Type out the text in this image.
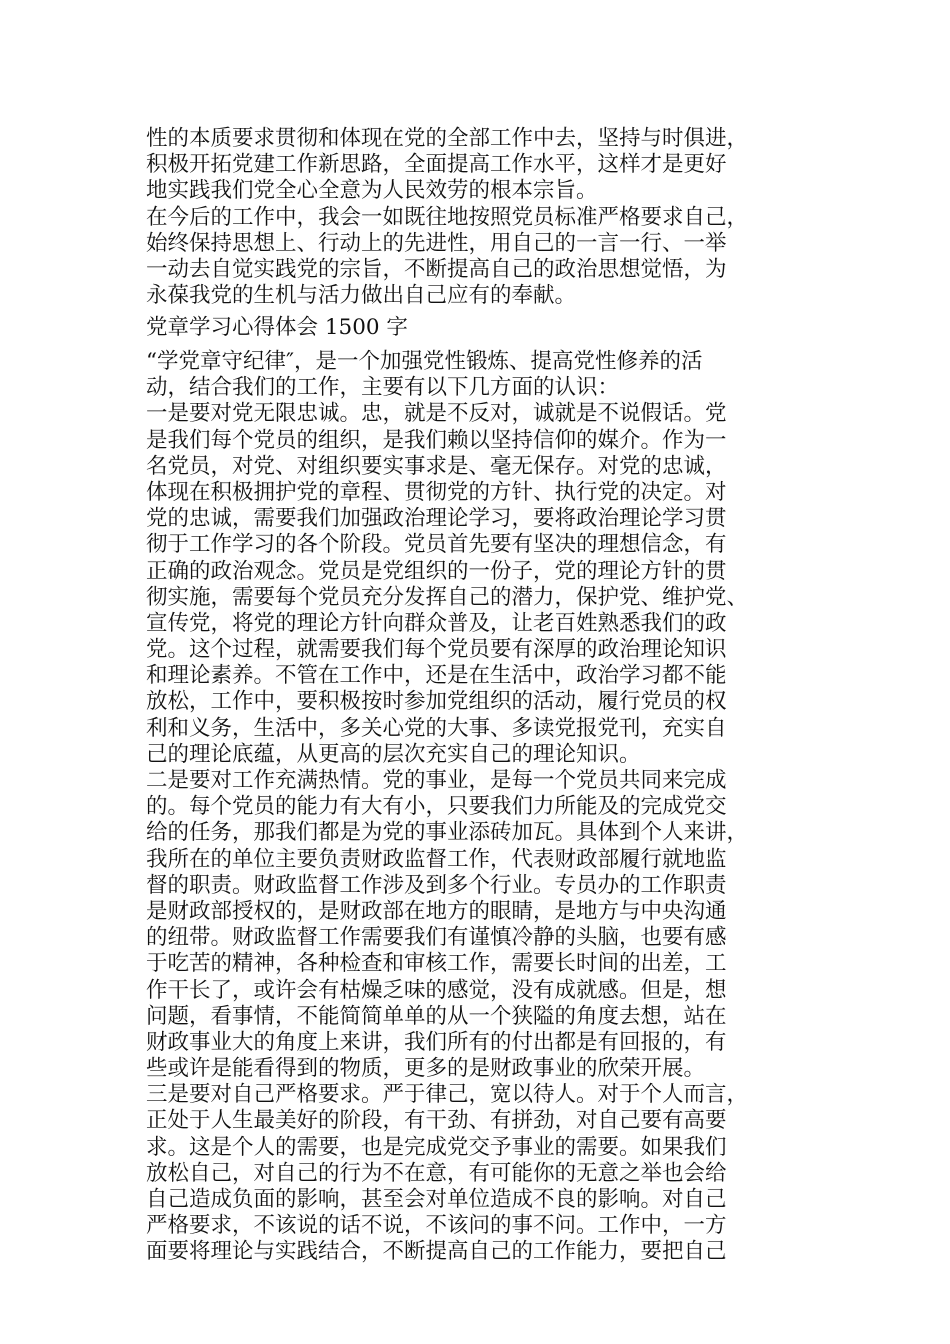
性的本质要求贯彻和体现在党的全部工作中去，坚持与时俱进，
积极开拓党建工作新思路，全面提高工作水平，这样才是更好
地实践我们党全心全意为人民效劳的根本宗旨。
在今后的工作中，我会一如既往地按照党员标准严格要求自己，
始终保持思想上、行动上的先进性，用自己的一言一行、一举
一动去自觉实践党的宗旨，不断提高自己的政治思想觉悟，为
永葆我党的生机与活力做出自己应有的奉献。
党章学习心得体会 1500 字
“学党章守纪律″，是一个加强党性锻炼、提高党性修养的活
动，结合我们的工作，主要有以下几方面的认识：
一是要对党无限忠诚。忠，就是不反对，诚就是不说假话。党
是我们每个党员的组织，是我们赖以坚持信仰的媒介。作为一
名党员，对党、对组织要实事求是、毫无保存。对党的忠诚，
体现在积极拥护党的章程、贯彻党的方针、执行党的决定。对
党的忠诚，需要我们加强政治理论学习，要将政治理论学习贯
彻于工作学习的各个阶段。党员首先要有坚决的理想信念，有
正确的政治观念。党员是党组织的一份子，党的理论方针的贯
彻实施，需要每个党员充分发挥自己的潜力，保护党、维护党、
宣传党，将党的理论方针向群众普及，让老百姓熟悉我们的政
党。这个过程，就需要我们每个党员要有深厚的政治理论知识
和理论素养。不管在工作中，还是在生活中，政治学习都不能
放松，工作中，要积极按时参加党组织的活动，履行党员的权
利和义务，生活中，多关心党的大事、多读党报党刊，充实自
己的理论底蕴，从更高的层次充实自己的理论知识。
二是要对工作充满热情。党的事业，是每一个党员共同来完成
的。每个党员的能力有大有小，只要我们力所能及的完成党交
给的任务，那我们都是为党的事业添砖加瓦。具体到个人来讲，
我所在的单位主要负责财政监督工作，代表财政部履行就地监
督的职责。财政监督工作涉及到多个行业。专员办的工作职责
是财政部授权的，是财政部在地方的眼睛，是地方与中央沟通
的纽带。财政监督工作需要我们有谨慎冷静的头脑，也要有感
于吃苦的精神，各种检查和审核工作，需要长时间的出差，工
作干长了，或许会有枯燥乏味的感觉，没有成就感。但是，想
问题，看事情，不能简简单单的从一个狭隘的角度去想，站在
财政事业大的角度上来讲，我们所有的付出都是有回报的，有
些或许是能看得到的物质，更多的是财政事业的欣荣开展。
三是要对自己严格要求。严于律己，宽以待人。对于个人而言，
正处于人生最美好的阶段，有干劲、有拼劲，对自己要有高要
求。这是个人的需要，也是完成党交予事业的需要。如果我们
放松自己，对自己的行为不在意，有可能你的无意之举也会给
自己造成负面的影响，甚至会对单位造成不良的影响。对自己
严格要求，不该说的话不说，不该问的事不问。工作中，一方
面要将理论与实践结合，不断提高自己的工作能力，要把自己
